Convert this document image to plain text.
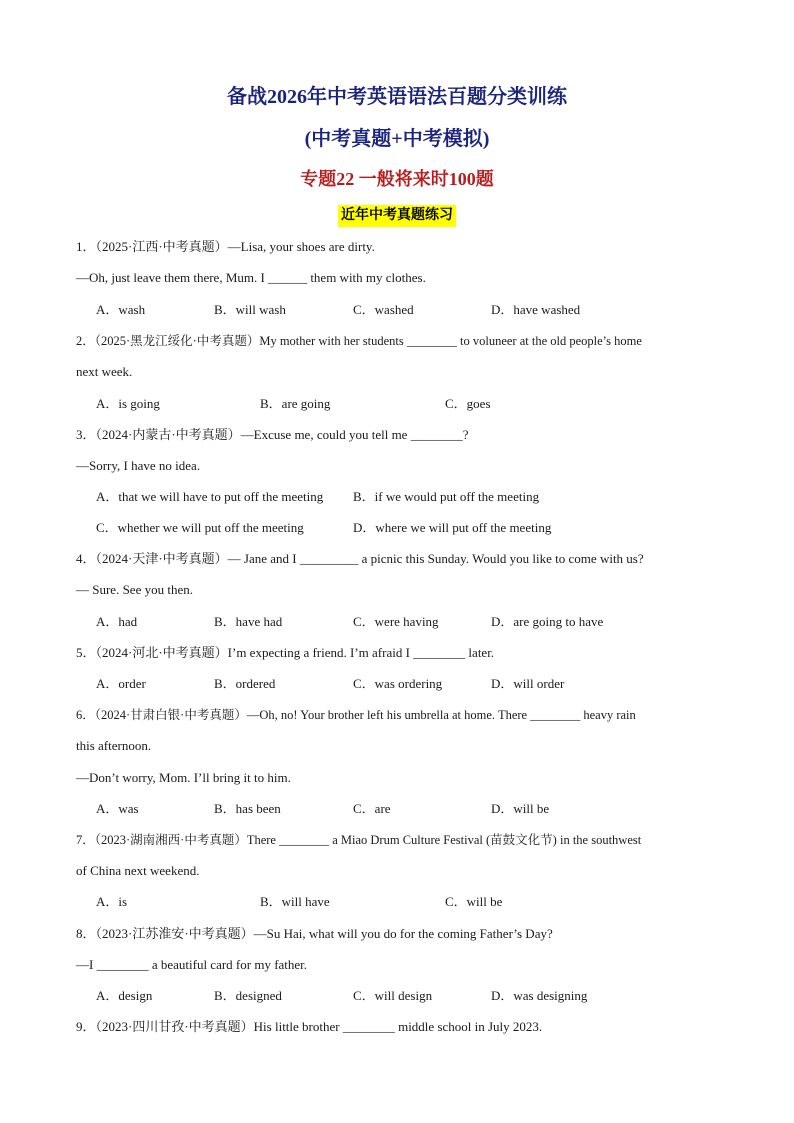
备战2026年中考英语语法百题分类训练
(中考真题+中考模拟)
专题22 一般将来时100题
近年中考真题练习
1．（2025·江西·中考真题）—Lisa, your shoes are dirty.
—Oh, just leave them there, Mum. I ______ them with my clothes.
A．wash	B．will wash	C．washed	D．have washed
2．（2025·黑龙江绥化·中考真题）My mother with her students ________ to voluneer at the old people’s home
next week.
A．is going	B．are going	C．goes
3．（2024·内蒙古·中考真题）—Excuse me, could you tell me ________?
—Sorry, I have no idea.
A．that we will have to put off the meeting B．if we would put off the meeting
C．whether we will put off the meeting	D．where we will put off the meeting
4．（2024·天津·中考真题）— Jane and I _________ a picnic this Sunday. Would you like to come with us?
— Sure. See you then.
A．had	B．have had	C．were having	D．are going to have
5．（2024·河北·中考真题）I’m expecting a friend. I’m afraid I ________ later.
A．order	B．ordered	C．was ordering	D．will order
6．（2024·甘肃白银·中考真题）—Oh, no! Your brother left his umbrella at home. There ________ heavy rain
this afternoon.
—Don’t worry, Mom. I’ll bring it to him.
A．was	B．has been	C．are	D．will be
7．（2023·湖南湘西·中考真题）There ________ a Miao Drum Culture Festival (苗鼓文化节) in the southwest
of China next weekend.
A．is	B．will have	C．will be
8．（2023·江苏淮安·中考真题）—Su Hai, what will you do for the coming Father’s Day?
—I ________ a beautiful card for my father.
A．design	B．designed	C．will design	D．was designing
9．（2023·四川甘孜·中考真题）His little brother ________ middle school in July 2023.
